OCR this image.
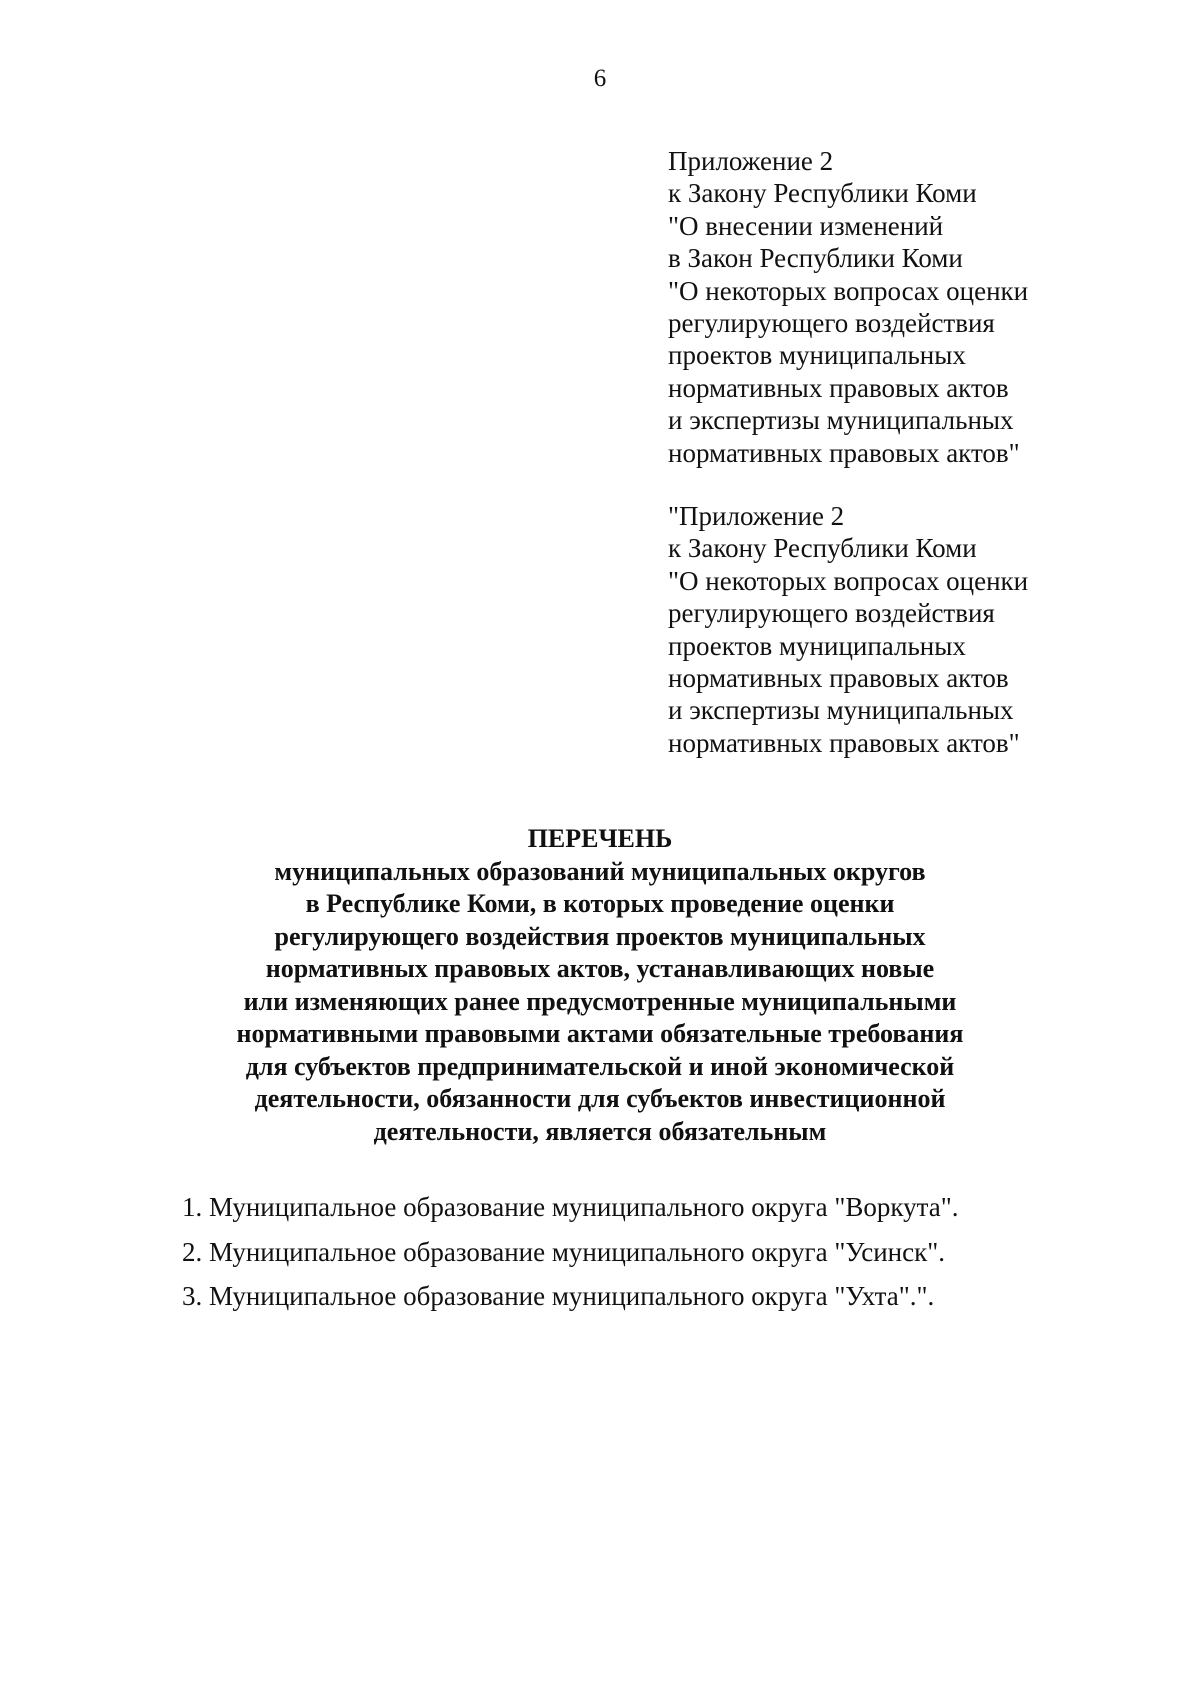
6
Приложение 2
к Закону Республики Коми
"О внесении изменений
в Закон Республики Коми
"О некоторых вопросах оценки
регулирующего воздействия
проектов муниципальных
нормативных правовых актов
и экспертизы муниципальных
нормативных правовых актов"
"Приложение 2
к Закону Республики Коми
"О некоторых вопросах оценки
регулирующего воздействия
проектов муниципальных
нормативных правовых актов
и экспертизы муниципальных
нормативных правовых актов"
ПЕРЕЧЕНЬ
муниципальных образований муниципальных округов
в Республике Коми, в которых проведение оценки
регулирующего воздействия проектов муниципальных
нормативных правовых актов, устанавливающих новые
или изменяющих ранее предусмотренные муниципальными
нормативными правовыми актами обязательные требования
для субъектов предпринимательской и иной экономической
деятельности, обязанности для субъектов инвестиционной
деятельности, является обязательным
1. Муниципальное образование муниципального округа "Воркута".
2. Муниципальное образование муниципального округа "Усинск".
3. Муниципальное образование муниципального округа "Ухта".".
